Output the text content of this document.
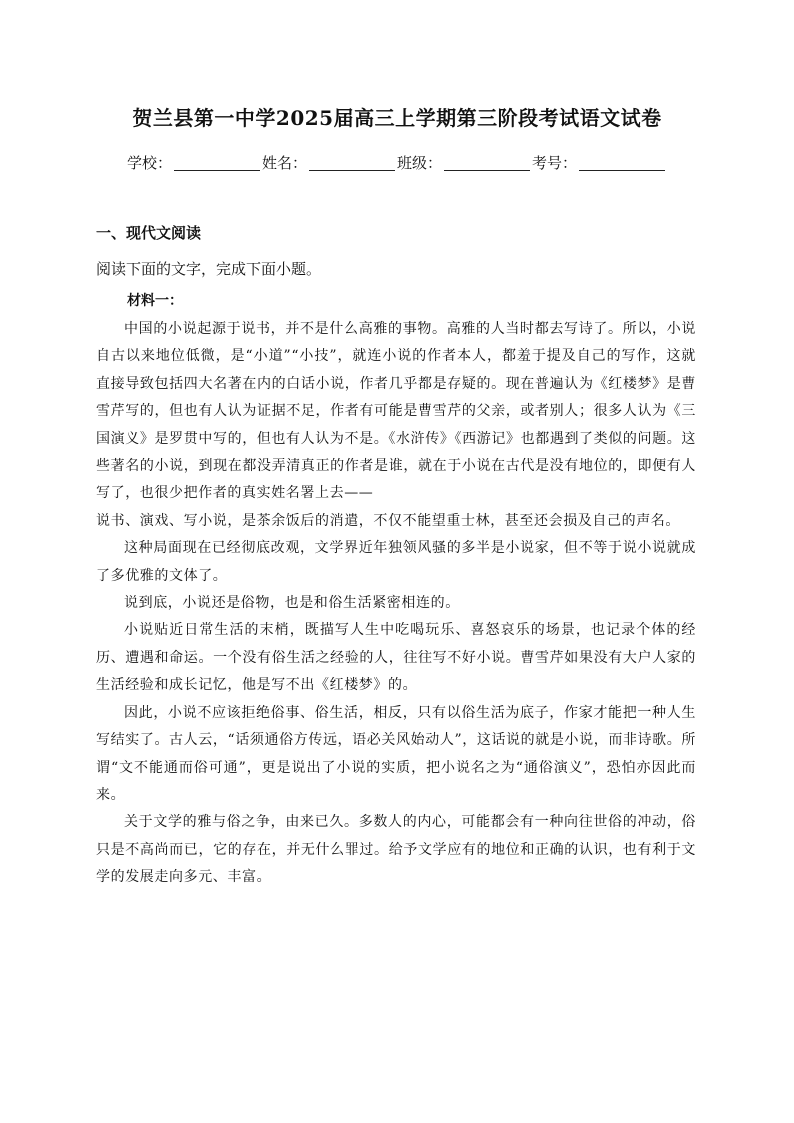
贺兰县第一中学2025届高三上学期第三阶段考试语文试卷
学校：	姓名：	班级：	考号：
一、现代文阅读
阅读下面的文字，完成下面小题。
材料一：

中国的小说起源于说书，并不是什么高雅的事物。高雅的人当时都去写诗了。所以，小说自古以来地位低微，是“小道”“小技”，就连小说的作者本人，都羞于提及自己的写作，这就直接导致包括四大名著在内的白话小说，作者几乎都是存疑的。现在普遍认为《红楼梦》是曹雪芹写的，但也有人认为证据不足，作者有可能是曹雪芹的父亲，或者别人；很多人认为《三国演义》是罗贯中写的，但也有人认为不是。《水浒传》《西游记》也都遇到了类似的问题。这些著名的小说，到现在都没弄清真正的作者是谁，就在于小说在古代是没有地位的，即便有人写了，也很少把作者的真实姓名署上去——

说书、演戏、写小说，是茶余饭后的消遣，不仅不能望重士林，甚至还会损及自己的声名。

这种局面现在已经彻底改观，文学界近年独领风骚的多半是小说家，但不等于说小说就成了多优雅的文体了。

说到底，小说还是俗物，也是和俗生活紧密相连的。

小说贴近日常生活的末梢，既描写人生中吃喝玩乐、喜怒哀乐的场景，也记录个体的经历、遭遇和命运。一个没有俗生活之经验的人，往往写不好小说。曹雪芹如果没有大户人家的生活经验和成长记忆，他是写不出《红楼梦》的。

因此，小说不应该拒绝俗事、俗生活，相反，只有以俗生活为底子，作家才能把一种人生写结实了。古人云，“话须通俗方传远，语必关风始动人”，这话说的就是小说，而非诗歌。所谓“文不能通而俗可通”，更是说出了小说的实质，把小说名之为“通俗演义”，恐怕亦因此而来。

关于文学的雅与俗之争，由来已久。多数人的内心，可能都会有一种向往世俗的冲动，俗只是不高尚而已，它的存在，并无什么罪过。给予文学应有的地位和正确的认识，也有利于文学的发展走向多元、丰富。
